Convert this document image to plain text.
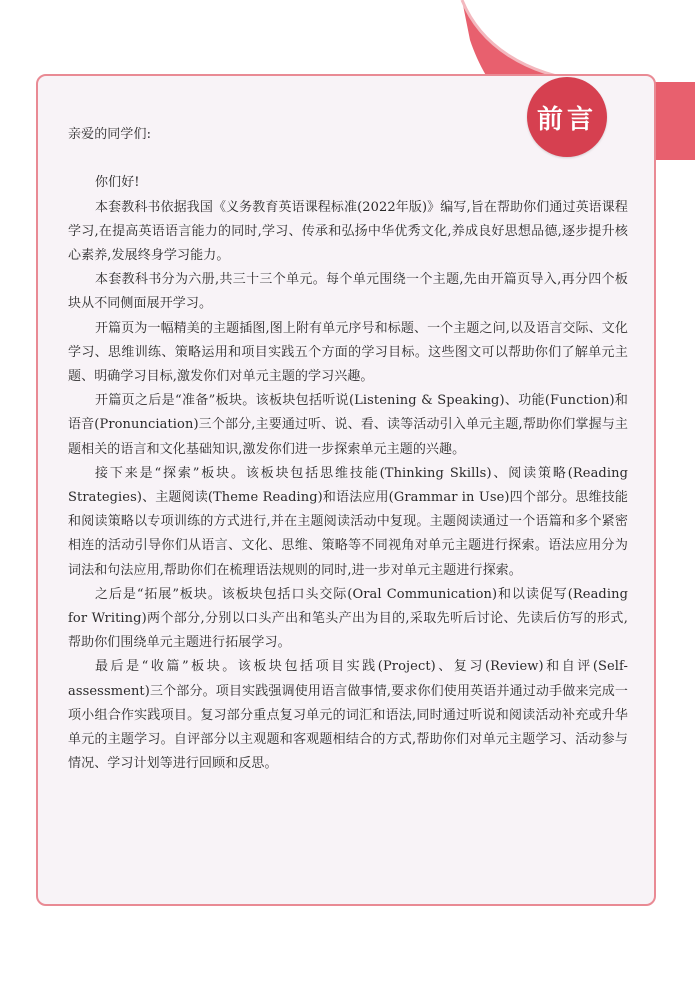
前言

亲爱的同学们:

你们好!

本套教科书依据我国《义务教育英语课程标准(2022年版)》编写,旨在帮助你们通过英语课程学习,在提高英语语言能力的同时,学习、传承和弘扬中华优秀文化,养成良好思想品德,逐步提升核心素养,发展终身学习能力。

本套教科书分为六册,共三十三个单元。每个单元围绕一个主题,先由开篇页导入,再分四个板块从不同侧面展开学习。

开篇页为一幅精美的主题插图,图上附有单元序号和标题、一个主题之问,以及语言交际、文化学习、思维训练、策略运用和项目实践五个方面的学习目标。这些图文可以帮助你们了解单元主题、明确学习目标,激发你们对单元主题的学习兴趣。

开篇页之后是“准备”板块。该板块包括听说(Listening & Speaking)、功能(Function)和语音(Pronunciation)三个部分,主要通过听、说、看、读等活动引入单元主题,帮助你们掌握与主题相关的语言和文化基础知识,激发你们进一步探索单元主题的兴趣。

接下来是“探索”板块。该板块包括思维技能(Thinking Skills)、阅读策略(Reading Strategies)、主题阅读(Theme Reading)和语法应用(Grammar in Use)四个部分。思维技能和阅读策略以专项训练的方式进行,并在主题阅读活动中复现。主题阅读通过一个语篇和多个紧密相连的活动引导你们从语言、文化、思维、策略等不同视角对单元主题进行探索。语法应用分为词法和句法应用,帮助你们在梳理语法规则的同时,进一步对单元主题进行探索。

之后是“拓展”板块。该板块包括口头交际(Oral Communication)和以读促写(Reading for Writing)两个部分,分别以口头产出和笔头产出为目的,采取先听后讨论、先读后仿写的形式,帮助你们围绕单元主题进行拓展学习。

最后是“收篇”板块。该板块包括项目实践(Project)、复习(Review)和自评(Self-assessment)三个部分。项目实践强调使用语言做事情,要求你们使用英语并通过动手做来完成一项小组合作实践项目。复习部分重点复习单元的词汇和语法,同时通过听说和阅读活动补充或升华单元的主题学习。自评部分以主观题和客观题相结合的方式,帮助你们对单元主题学习、活动参与情况、学习计划等进行回顾和反思。
